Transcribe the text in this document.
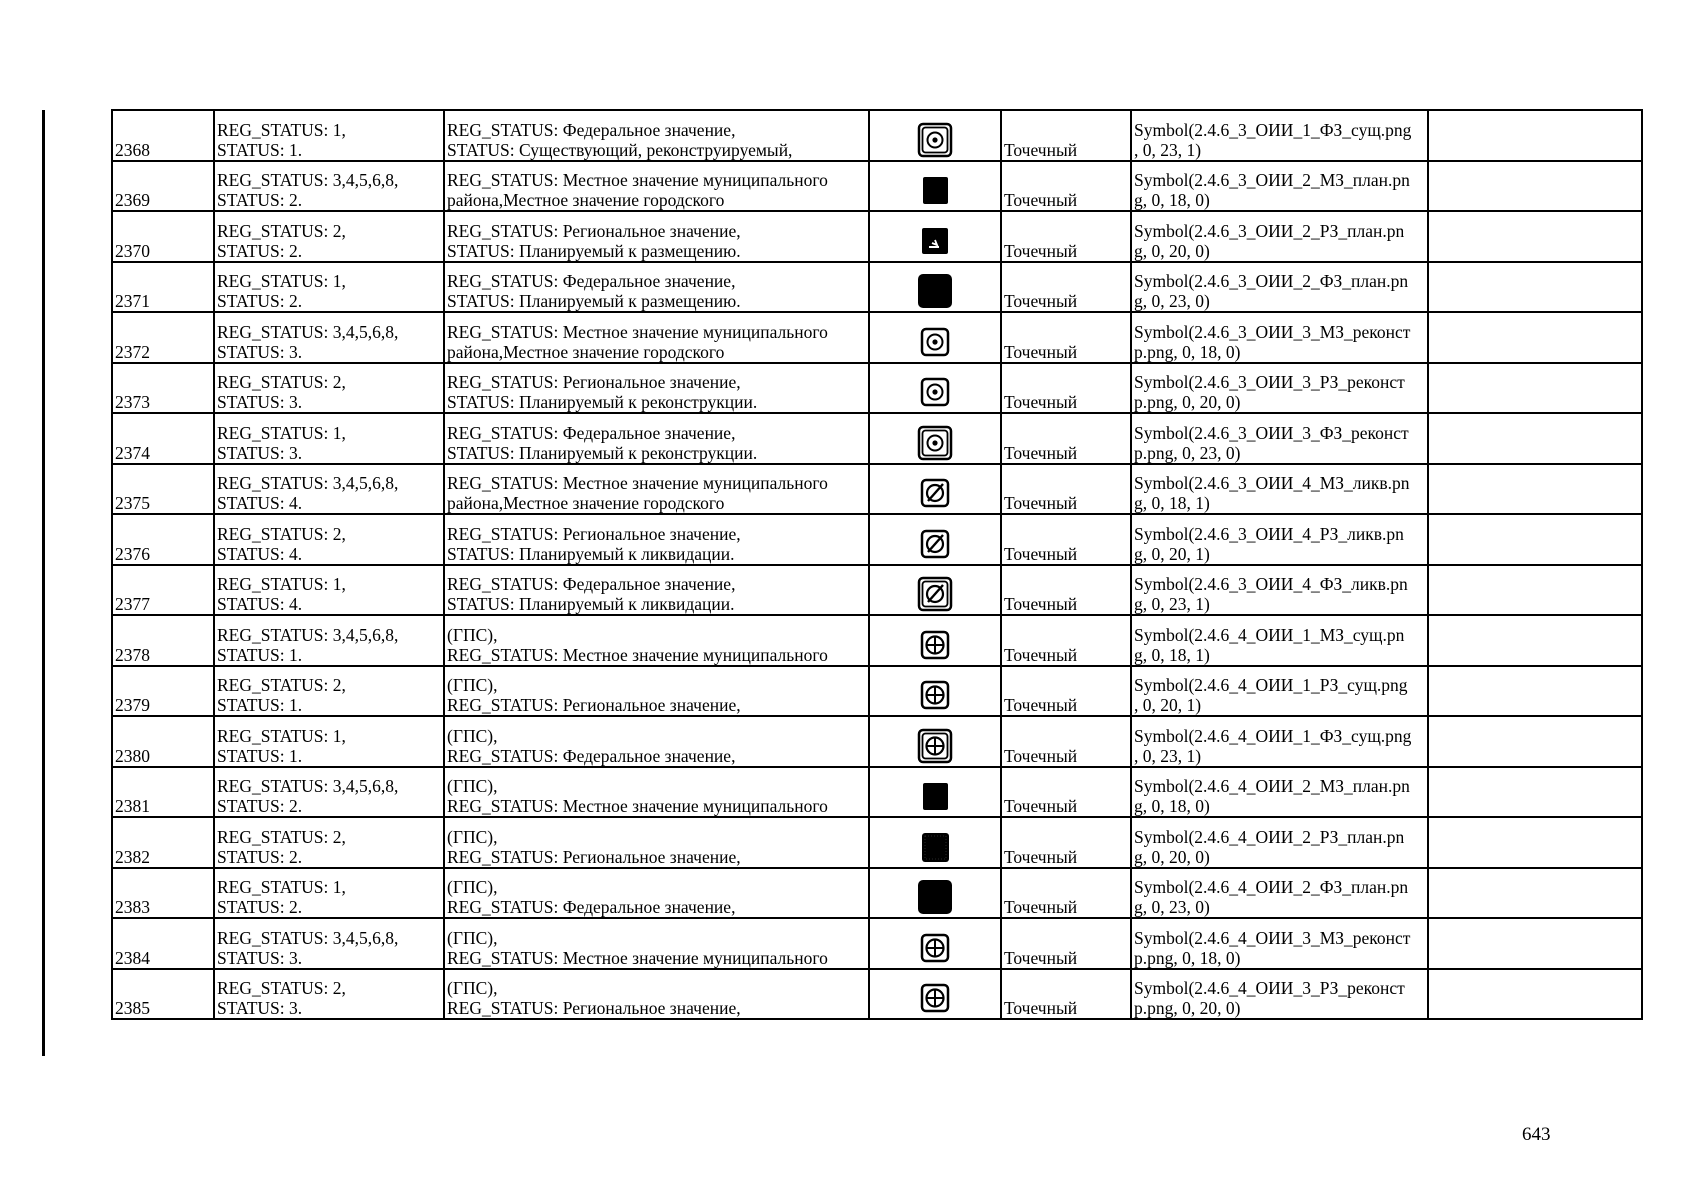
2368	REG_STATUS: 1,
STATUS: 1.	REG_STATUS: Федеральное значение,
STATUS: Существующий, реконструируемый,		Точечный	Symbol(2.4.6_3_ОИИ_1_ФЗ_сущ.png
, 0, 23, 1)	

2369	REG_STATUS: 3,4,5,6,8,
STATUS: 2.	REG_STATUS: Местное значение муниципального
района,Местное значение городского		Точечный	Symbol(2.4.6_3_ОИИ_2_МЗ_план.pn
g, 0, 18, 0)	

2370	REG_STATUS: 2,
STATUS: 2.	REG_STATUS: Региональное значение,
STATUS: Планируемый к размещению.		Точечный	Symbol(2.4.6_3_ОИИ_2_РЗ_план.pn
g, 0, 20, 0)	

2371	REG_STATUS: 1,
STATUS: 2.	REG_STATUS: Федеральное значение,
STATUS: Планируемый к размещению.		Точечный	Symbol(2.4.6_3_ОИИ_2_ФЗ_план.pn
g, 0, 23, 0)	

2372	REG_STATUS: 3,4,5,6,8,
STATUS: 3.	REG_STATUS: Местное значение муниципального
района,Местное значение городского		Точечный	Symbol(2.4.6_3_ОИИ_3_МЗ_реконст
р.png, 0, 18, 0)	

2373	REG_STATUS: 2,
STATUS: 3.	REG_STATUS: Региональное значение,
STATUS: Планируемый к реконструкции.		Точечный	Symbol(2.4.6_3_ОИИ_3_РЗ_реконст
р.png, 0, 20, 0)	

2374	REG_STATUS: 1,
STATUS: 3.	REG_STATUS: Федеральное значение,
STATUS: Планируемый к реконструкции.		Точечный	Symbol(2.4.6_3_ОИИ_3_ФЗ_реконст
р.png, 0, 23, 0)	

2375	REG_STATUS: 3,4,5,6,8,
STATUS: 4.	REG_STATUS: Местное значение муниципального
района,Местное значение городского		Точечный	Symbol(2.4.6_3_ОИИ_4_МЗ_ликв.pn
g, 0, 18, 1)	

2376	REG_STATUS: 2,
STATUS: 4.	REG_STATUS: Региональное значение,
STATUS: Планируемый к ликвидации.		Точечный	Symbol(2.4.6_3_ОИИ_4_РЗ_ликв.pn
g, 0, 20, 1)	

2377	REG_STATUS: 1,
STATUS: 4.	REG_STATUS: Федеральное значение,
STATUS: Планируемый к ликвидации.		Точечный	Symbol(2.4.6_3_ОИИ_4_ФЗ_ликв.pn
g, 0, 23, 1)	

2378	REG_STATUS: 3,4,5,6,8,
STATUS: 1.	(ГПС),
REG_STATUS: Местное значение муниципального		Точечный	Symbol(2.4.6_4_ОИИ_1_МЗ_сущ.pn
g, 0, 18, 1)	

2379	REG_STATUS: 2,
STATUS: 1.	(ГПС),
REG_STATUS: Региональное значение,		Точечный	Symbol(2.4.6_4_ОИИ_1_РЗ_сущ.png
, 0, 20, 1)	

2380	REG_STATUS: 1,
STATUS: 1.	(ГПС),
REG_STATUS: Федеральное значение,		Точечный	Symbol(2.4.6_4_ОИИ_1_ФЗ_сущ.png
, 0, 23, 1)	

2381	REG_STATUS: 3,4,5,6,8,
STATUS: 2.	(ГПС),
REG_STATUS: Местное значение муниципального		Точечный	Symbol(2.4.6_4_ОИИ_2_МЗ_план.pn
g, 0, 18, 0)	

2382	REG_STATUS: 2,
STATUS: 2.	(ГПС),
REG_STATUS: Региональное значение,		Точечный	Symbol(2.4.6_4_ОИИ_2_РЗ_план.pn
g, 0, 20, 0)	

2383	REG_STATUS: 1,
STATUS: 2.	(ГПС),
REG_STATUS: Федеральное значение,		Точечный	Symbol(2.4.6_4_ОИИ_2_ФЗ_план.pn
g, 0, 23, 0)	

2384	REG_STATUS: 3,4,5,6,8,
STATUS: 3.	(ГПС),
REG_STATUS: Местное значение муниципального		Точечный	Symbol(2.4.6_4_ОИИ_3_МЗ_реконст
р.png, 0, 18, 0)	

2385	REG_STATUS: 2,
STATUS: 3.	(ГПС),
REG_STATUS: Региональное значение,		Точечный	Symbol(2.4.6_4_ОИИ_3_РЗ_реконст
р.png, 0, 20, 0)	

643
